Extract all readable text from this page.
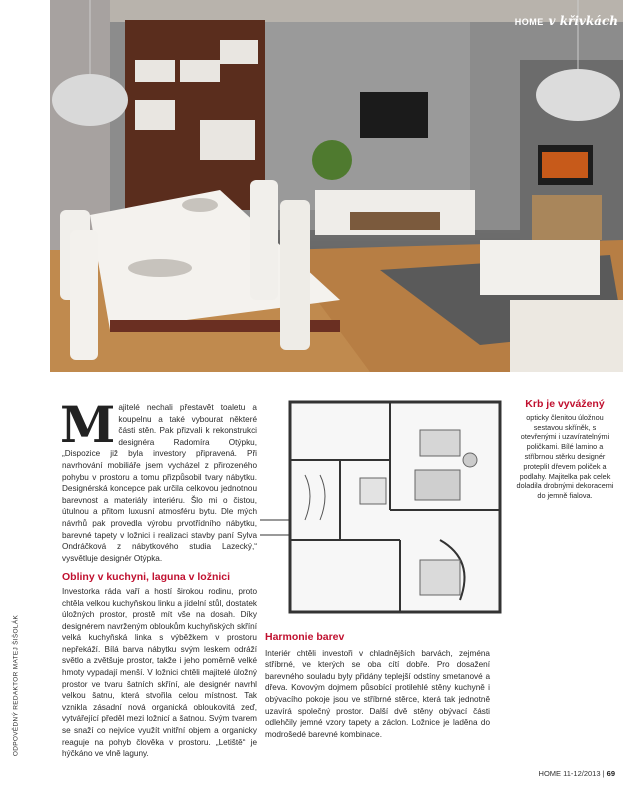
HOME v křivkách
ODPOVĚDNÝ REDAKTOR MATEJ ŠIŠOLÁK
M ajitelé nechali přestavět toaletu a koupelnu a také vybourat některé části stěn. Pak přizvali k rekonstrukci designéra Radomíra Otýpku, „Dispozice již byla investory připravená. Při navrhování mobiliáře jsem vycházel z přirozeného pohybu v prostoru a tomu přizpůsobil tvary nábytku. Designérská koncepce pak určila celkovou jednotnou barevnost a materiály interiéru. Šlo mi o čistou, útulnou a přitom luxusní atmosféru bytu. Dle mých návrhů pak provedla výrobu prvotřídního nábytku, barevné tapety v ložnici i realizaci stavby paní Sylva Ondráčková z nábytkového studia Lazecký,“ vysvětluje designér Otýpka.
Obliny v kuchyni, laguna v ložnici
Investorka ráda vaří a hostí širokou rodinu, proto chtěla velkou kuchyňskou linku a jídelní stůl, dostatek úložných prostor, prostě mít vše na dosah. Díky designérem navrženým obloukům kuchyňských skříní velká kuchyňská linka s výběžkem v prostoru nepřekáží. Bílá barva nábytku svým leskem odráží světlo a zvětšuje prostor, takže i jeho poměrně velké hmoty vypadají menší. V ložnici chtěli majitelé úložný prostor ve tvaru šatních skříní, ale designér navrhl velkou šatnu, která stvořila celou místnost. Tak vznikla zásadní nová organická obloukovitá zeď, vytvářející předěl mezi ložnicí a šatnou. Svým tvarem se snaží co nejvíce využít vnitřní objem a organicky reaguje na pohyb člověka v prostoru. „Letiště“ je hýčkáno ve vlně laguny.
Krb je vyvážený
opticky členitou úložnou sestavou skříněk, s otevřenými i uzavíratelnými poličkami. Bílé lamino a stříbrnou stěrku designér protepliI dřevem poliček a podlahy. Majitelka pak celek doladila drobnými dekoracemi do jemně fialova.
Harmonie barev
Interiér chtěli investoři v chladnějších barvách, zejména stříbrné, ve kterých se oba cítí dobře. Pro dosažení barevného souladu byly přidány teplejší odstíny smetanové a dřeva. Kovovým dojmem působící protilehlé stěny kuchyně i obývacího pokoje jsou ve stříbrné stěrce, která tak jednotně uzavírá společný prostor. Další dvě stěny obývací části odlehčily jemné vzory tapety a záclon. Ložnice je laděna do modrošedé barevné kombinace.
HOME 11-12/2013 | 69
